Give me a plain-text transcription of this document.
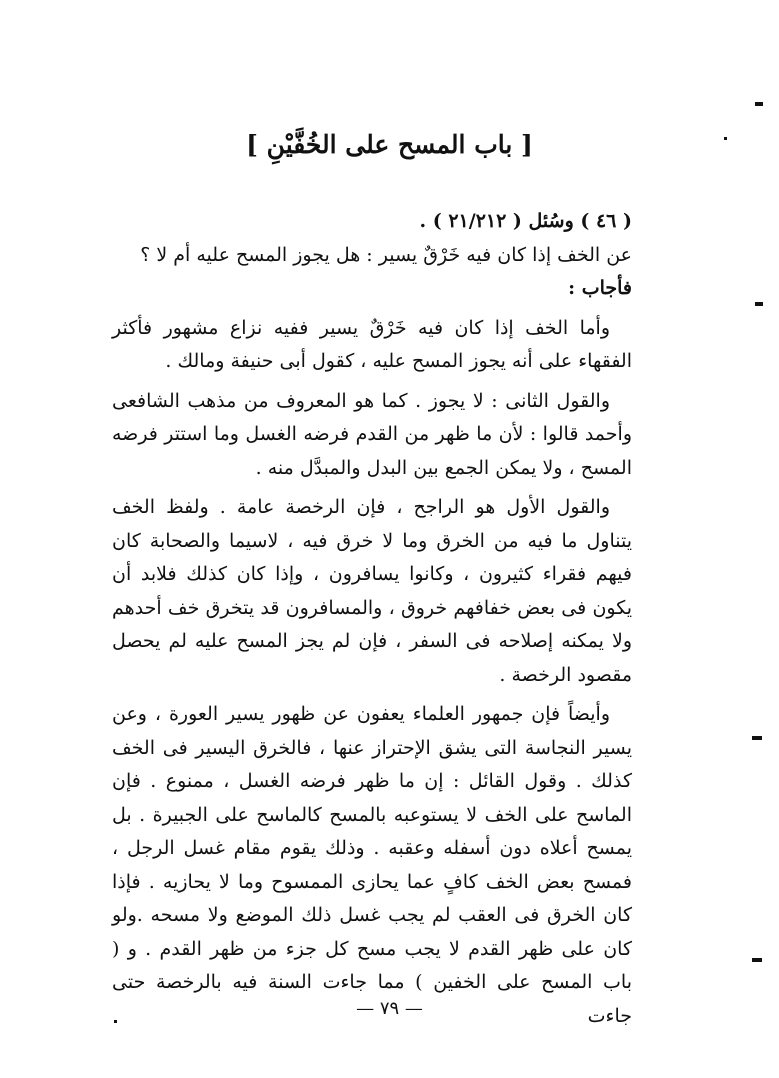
[ باب المسح على الخُفَّيْنِ ]

( ٤٦ ) وسُئل ( ٢١/٢١٢ ) .

عن الخف إذا كان فيه خَرْقٌ يسير : هل يجوز المسح عليه أم لا ؟

فأجاب :

وأما الخف إذا كان فيه خَرْقٌ يسير ففيه نزاع مشهور فأكثر الفقهاء على أنه يجوز المسح عليه ، كقول أبى حنيفة ومالك .

والقول الثانى : لا يجوز . كما هو المعروف من مذهب الشافعى وأحمد قالوا : لأن ما ظهر من القدم فرضه الغسل وما استتر فرضه المسح ، ولا يمكن الجمع بين البدل والمبدَّل منه .

والقول الأول هو الراجح ، فإن الرخصة عامة . ولفظ الخف يتناول ما فيه من الخرق وما لا خرق فيه ، لاسيما والصحابة كان فيهم فقراء كثيرون ، وكانوا يسافرون ، وإذا كان كذلك فلابد أن يكون فى بعض خفافهم خروق ، والمسافرون قد يتخرق خف أحدهم ولا يمكنه إصلاحه فى السفر ، فإن لم يجز المسح عليه لم يحصل مقصود الرخصة .

وأيضاً فإن جمهور العلماء يعفون عن ظهور يسير العورة ، وعن يسير النجاسة التى يشق الإحتراز عنها ، فالخرق اليسير فى الخف كذلك . وقول القائل : إن ما ظهر فرضه الغسل ، ممنوع . فإن الماسح على الخف لا يستوعبه بالمسح كالماسح على الجبيرة . بل يمسح أعلاه دون أسفله وعقبه . وذلك يقوم مقام غسل الرجل ، فمسح بعض الخف كافٍ عما يحازى الممسوح وما لا يحازيه . فإذا كان الخرق فى العقب لم يجب غسل ذلك الموضع ولا مسحه .ولو كان على ظهر القدم لا يجب مسح كل جزء من ظهر القدم . و ( باب المسح على الخفين ) مما جاءت السنة فيه بالرخصة حتى جاءت

— ٧٩ —
